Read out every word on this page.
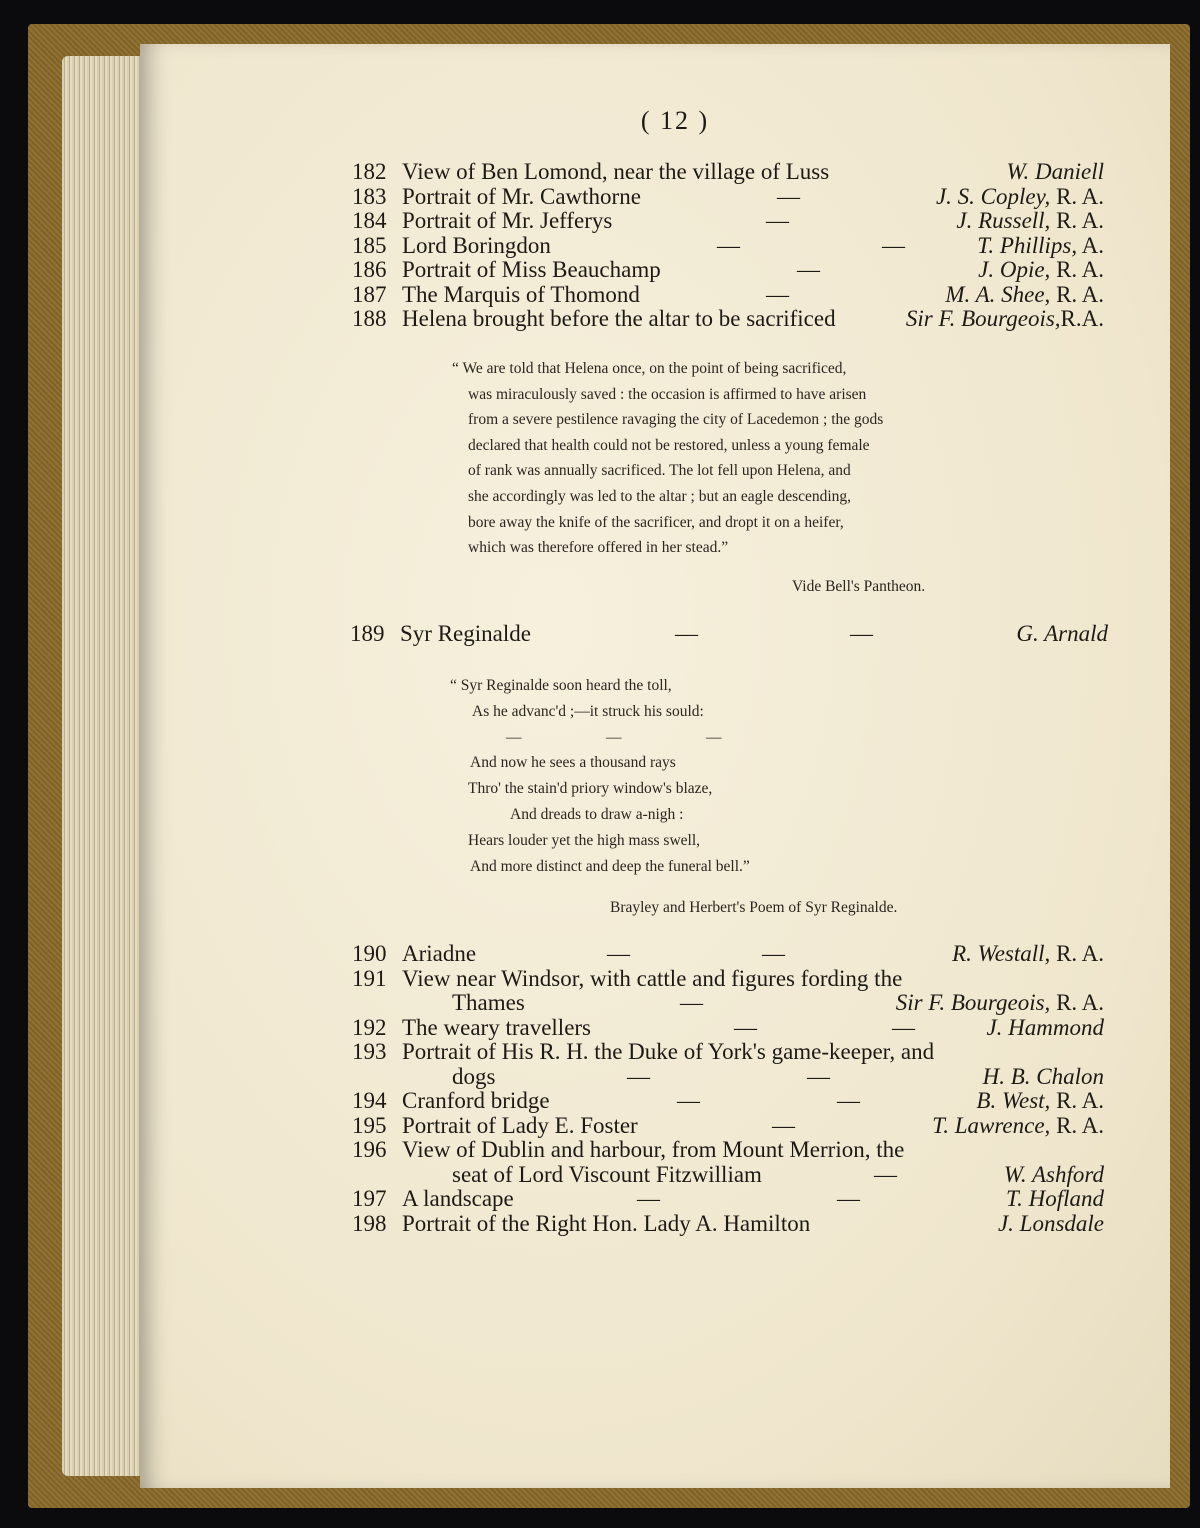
( 12 )
182 View of Ben Lomond, near the village of Luss	W. Daniell
183 Portrait of Mr. Cawthorne	—	J. S. Copley, R. A.
184 Portrait of Mr. Jefferys	—	J. Russell, R. A.
185 Lord Boringdon	—	—	T. Phillips, A.
186 Portrait of Miss Beauchamp	—	J. Opie, R. A.
187 The Marquis of Thomond	—	M. A. Shee, R. A.
188 Helena brought before the altar to be sacrificed	Sir F. Bourgeois,R.A.

“ We are told that Helena once, on the point of being sacrificed,

was miraculously saved : the occasion is affirmed to have arisen

from a severe pestilence ravaging the city of Lacedemon ; the gods

declared that health could not be restored, unless a young female

of rank was annually sacrificed. The lot fell upon Helena, and

she accordingly was led to the altar ; but an eagle descending,

bore away the knife of the sacrificer, and dropt it on a heifer,

which was therefore offered in her stead.”

Vide Bell's Pantheon.
189 Syr Reginalde	—	—	G. Arnald

“ Syr Reginalde soon heard the toll,

As he advanc'd ;—it struck his sould:

—	—	—

And now he sees a thousand rays

Thro' the stain'd priory window's blaze,

And dreads to draw a-nigh :

Hears louder yet the high mass swell,

And more distinct and deep the funeral bell.”

Brayley and Herbert's Poem of Syr Reginalde.
190 Ariadne	—	—	R. Westall, R. A.
191 View near Windsor, with cattle and figures fording the
Thames	—	Sir F. Bourgeois, R. A.
192 The weary travellers	—	—	J. Hammond
193 Portrait of His R. H. the Duke of York's game-keeper, and
dogs	—	—	H. B. Chalon
194 Cranford bridge	—	—	B. West, R. A.
195 Portrait of Lady E. Foster	—	T. Lawrence, R. A.
196 View of Dublin and harbour, from Mount Merrion, the
seat of Lord Viscount Fitzwilliam	—	W. Ashford
197 A landscape	—	—	T. Hofland
198 Portrait of the Right Hon. Lady A. Hamilton	J. Lonsdale
